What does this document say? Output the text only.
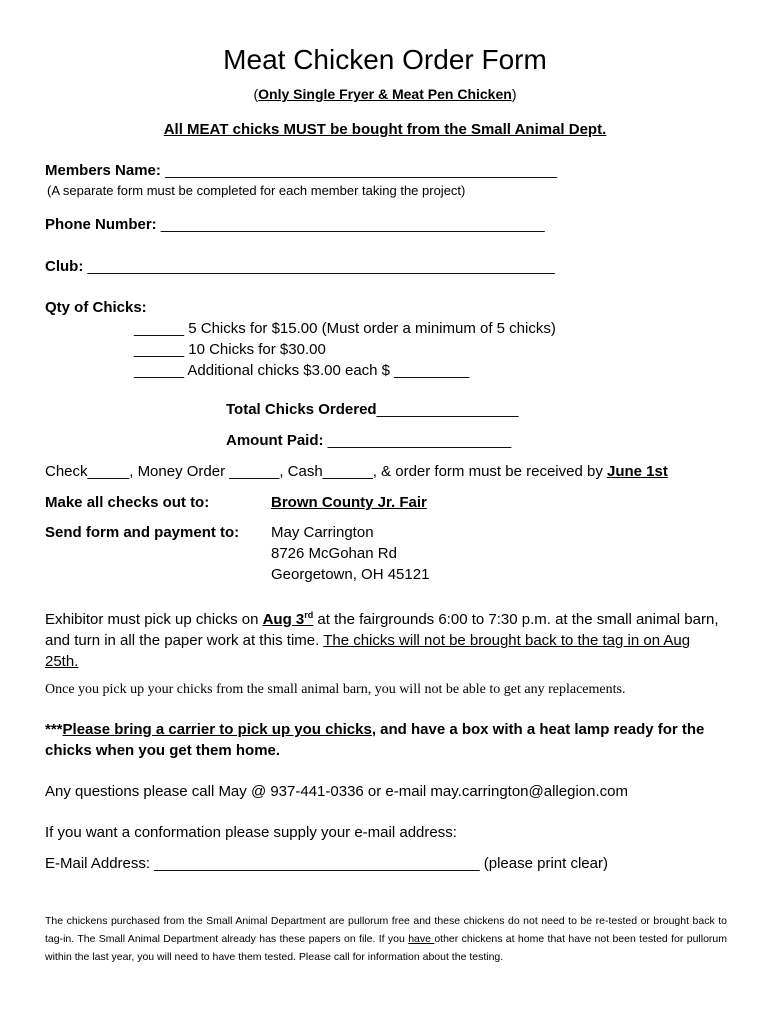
Meat Chicken Order Form
(Only Single Fryer & Meat Pen Chicken)
All MEAT chicks MUST be bought from the Small Animal Dept.
Members Name: _______________________________________________
(A separate form must be completed for each member taking the project)
Phone Number: ______________________________________________
Club: ________________________________________________________
Qty of Chicks:
______ 5 Chicks for $15.00 (Must order a minimum of 5 chicks)
______ 10 Chicks for $30.00
______ Additional chicks $3.00 each $ _________
Total Chicks Ordered_________________
Amount Paid: ______________________
Check_____, Money Order ______, Cash______, & order form must be received by June 1st
Make all checks out to:	Brown County Jr. Fair
Send form and payment to: May Carrington
8726 McGohan Rd
Georgetown, OH 45121
Exhibitor must pick up chicks on Aug 3rd at the fairgrounds 6:00 to 7:30 p.m. at the small animal barn, and turn in all the paper work at this time. The chicks will not be brought back to the tag in on Aug 25th.
Once you pick up your chicks from the small animal barn, you will not be able to get any replacements.
***Please bring a carrier to pick up you chicks, and have a box with a heat lamp ready for the chicks when you get them home.
Any questions please call May @ 937-441-0336 or e-mail may.carrington@allegion.com
If you want a conformation please supply your e-mail address:
E-Mail Address: _______________________________________ (please print clear)
The chickens purchased from the Small Animal Department are pullorum free and these chickens do not need to be re-tested or brought back to tag-in. The Small Animal Department already has these papers on file. If you have other chickens at home that have not been tested for pullorum within the last year, you will need to have them tested. Please call for information about the testing.
